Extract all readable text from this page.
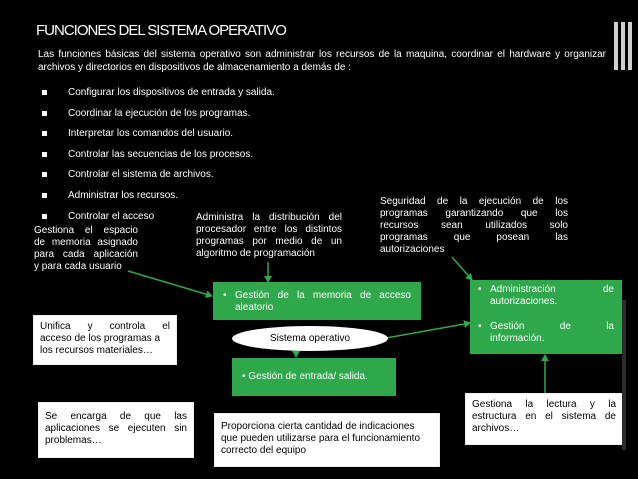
FUNCIONES DEL SISTEMA OPERATIVO
Las funciones básicas del sistema operativo son administrar los recursos de la maquina, coordinar el hardware y organizar archivos y directorios en dispositivos de almacenamiento a demás de :
Configurar los dispositivos de entrada y salida.
Coordinar la ejecución de los programas.
Interpretar los comandos del usuario.
Controlar las secuencias de los procesos.
Controlar el sistema de archivos.
Administrar los recursos.
Controlar el acceso
Gestiona el espacio
de memoria asignado
para cada aplicación
y para cada usuario
Administra la distribución del
procesador entre los distintos
programas por medio de un
algoritmo de programación
Seguridad de la ejecución de los
programas garantizando que los
recursos sean utilizados solo
programas que posean las
autorizaciones
• Gestión de la memoria de acceso
aleatorio
Sistema operativo
• Gestión de entrada/ salida.
• Administración de
autorizaciones.
• Gestión de la
información.
Unifica y controla el
acceso de los programas a
los recursos materiales…
Se encarga de que las
aplicaciones se ejecuten sin
problemas…
Proporciona cierta cantidad de indicaciones
que pueden utilizarse para el funcionamiento
correcto del equipo
Gestiona la lectura y la
estructura en el sistema de
archivos…
